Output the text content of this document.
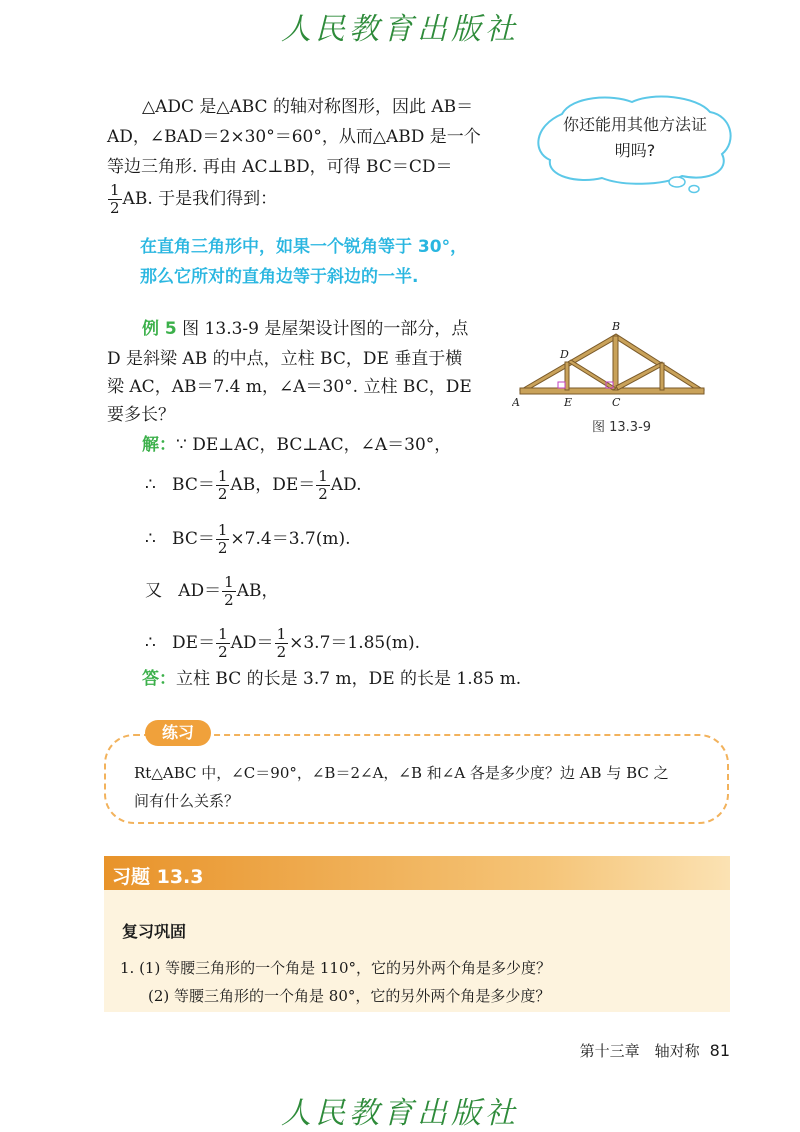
人民教育出版社
△ADC 是△ABC 的轴对称图形，因此 AB＝
AD，∠BAD＝2×30°＝60°，从而△ABD 是一个
等边三角形. 再由 AC⊥BD，可得 BC＝CD＝
$\frac{1}{2}$ AB. 于是我们得到：
你还能用其他方法证明吗?
在直角三角形中，如果一个锐角等于 30°，
那么它所对的直角边等于斜边的一半.
例 5 图 13.3-9 是屋架设计图的一部分，点
D 是斜梁 AB 的中点，立柱 BC，DE 垂直于横
梁 AC，AB＝7.4 m，∠A＝30°. 立柱 BC，DE
要多长？
A
B
C
D
E
图 13.3-9
解：∵ DE⊥AC，BC⊥AC，∠A＝30°，
∴ $BC= \frac{1}{2}$ AB，$DE= \frac{1}{2}$ AD.
∴ $BC= \frac{1}{2} \times 7.4=3.7(m)$.
又 $AD= \frac{1}{2}$ AB，
∴ $DE= \frac{1}{2} AD= \frac{1}{2} \times 3.7=1.85(m)$.
答：立柱 BC 的长是 3.7 m，DE 的长是 1.85 m.
练习
Rt△ABC 中，∠C＝90°，∠B＝2∠A，∠B 和∠A 各是多少度？边 AB 与 BC 之
间有什么关系？
习题 13.3
复习巩固
1. (1) 等腰三角形的一个角是 110°，它的另外两个角是多少度？
(2) 等腰三角形的一个角是 80°，它的另外两个角是多少度？
第十三章　轴对称 81
人民教育出版社
